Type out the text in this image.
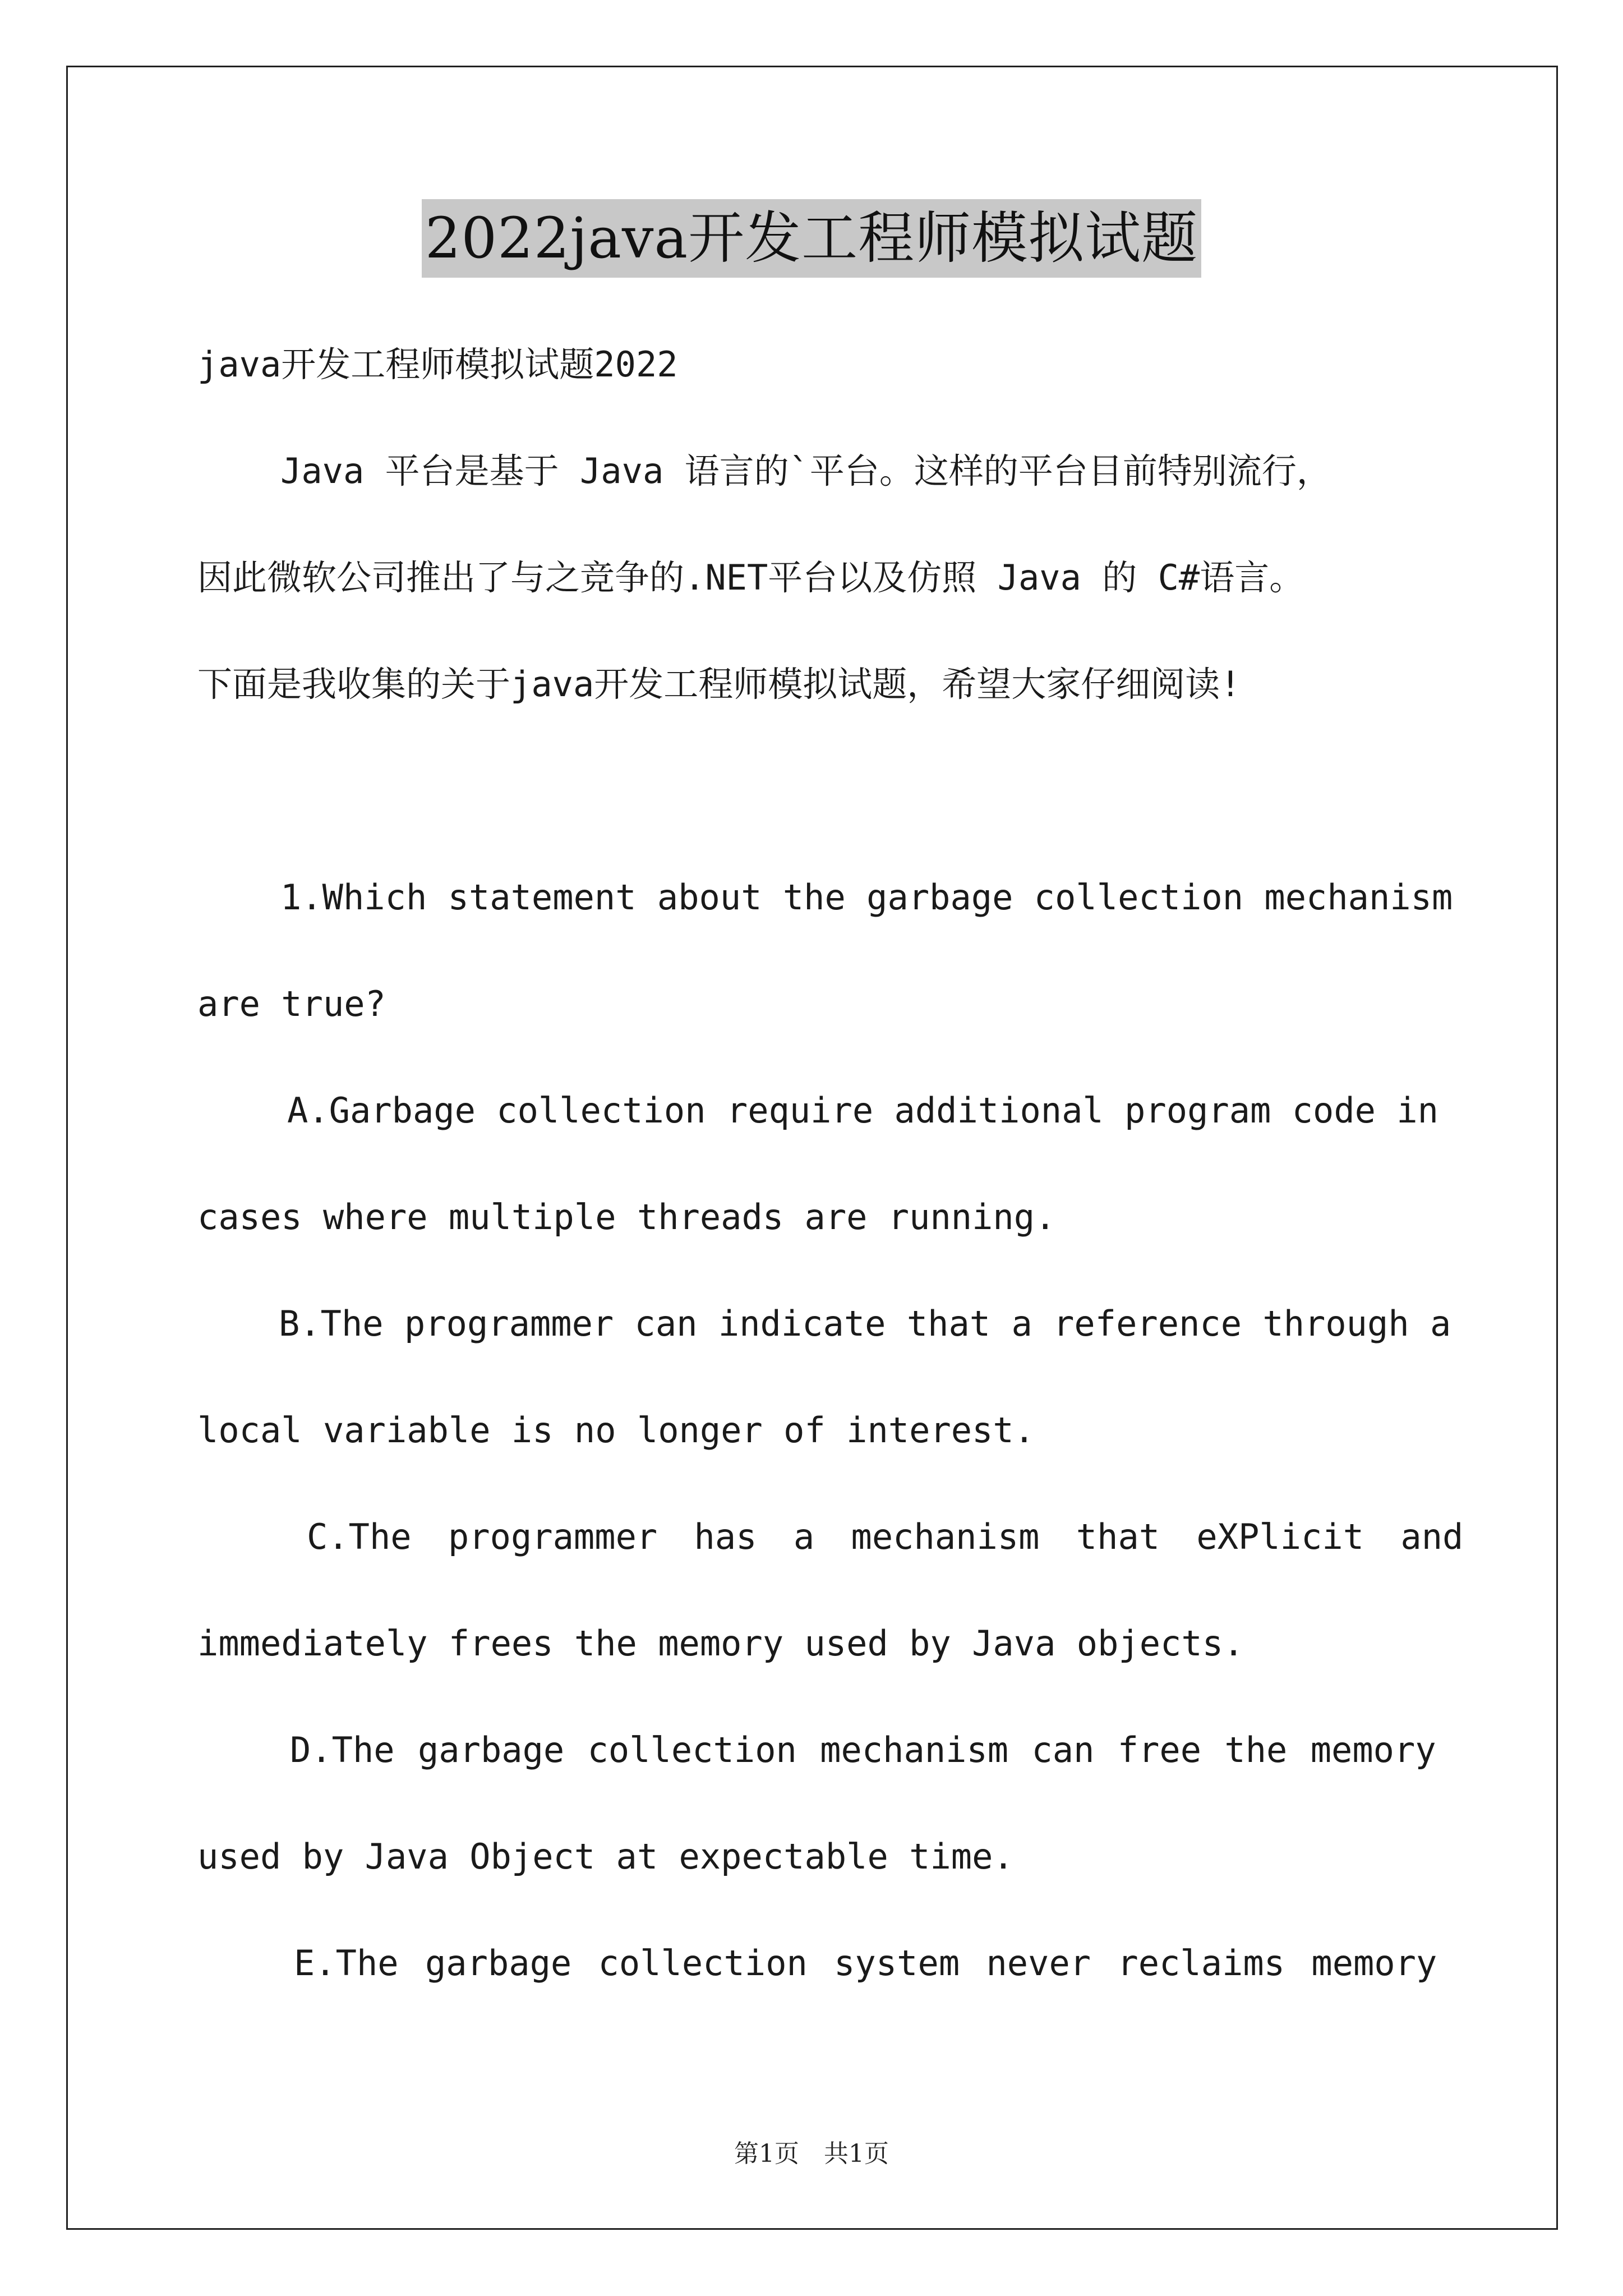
2022java开发工程师模拟试题
java开发工程师模拟试题2022
Java 平台是基于 Java 语言的`平台。这样的平台目前特别流行，
因此微软公司推出了与之竞争的.NET平台以及仿照 Java 的 C#语言。
下面是我收集的关于java开发工程师模拟试题，希望大家仔细阅读!
1.Which statement about the garbage collection mechanism
are true?
A.Garbage collection require additional program code in
cases where multiple threads are running.
B.The programmer can indicate that a reference through a
local variable is no longer of interest.
C.The programmer has a mechanism that eXPlicit and
immediately frees the memory used by Java objects.
D.The garbage collection mechanism can free the memory
used by Java Object at expectable time.
E.The garbage collection system never reclaims memory
第1页　共1页
